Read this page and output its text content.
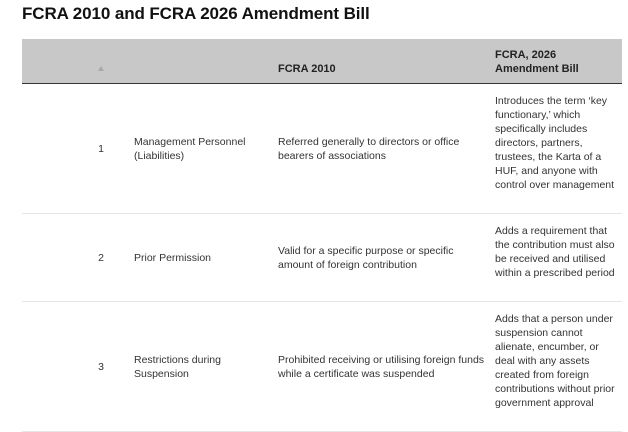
FCRA 2010 and FCRA 2026 Amendment Bill
		FCRA 2010	FCRA, 2026 Amendment Bill
1	Management Personnel (Liabilities)	Referred generally to directors or office bearers of associations	Introduces the term ‘key functionary,’ which specifically includes directors, partners, trustees, the Karta of a HUF, and anyone with control over management
2	Prior Permission	Valid for a specific purpose or specific amount of foreign contribution	Adds a requirement that the contribution must also be received and utilised within a prescribed period
3	Restrictions during Suspension	Prohibited receiving or utilising foreign funds while a certificate was suspended	Adds that a person under suspension cannot alienate, encumber, or deal with any assets created from foreign contributions without prior government approval
